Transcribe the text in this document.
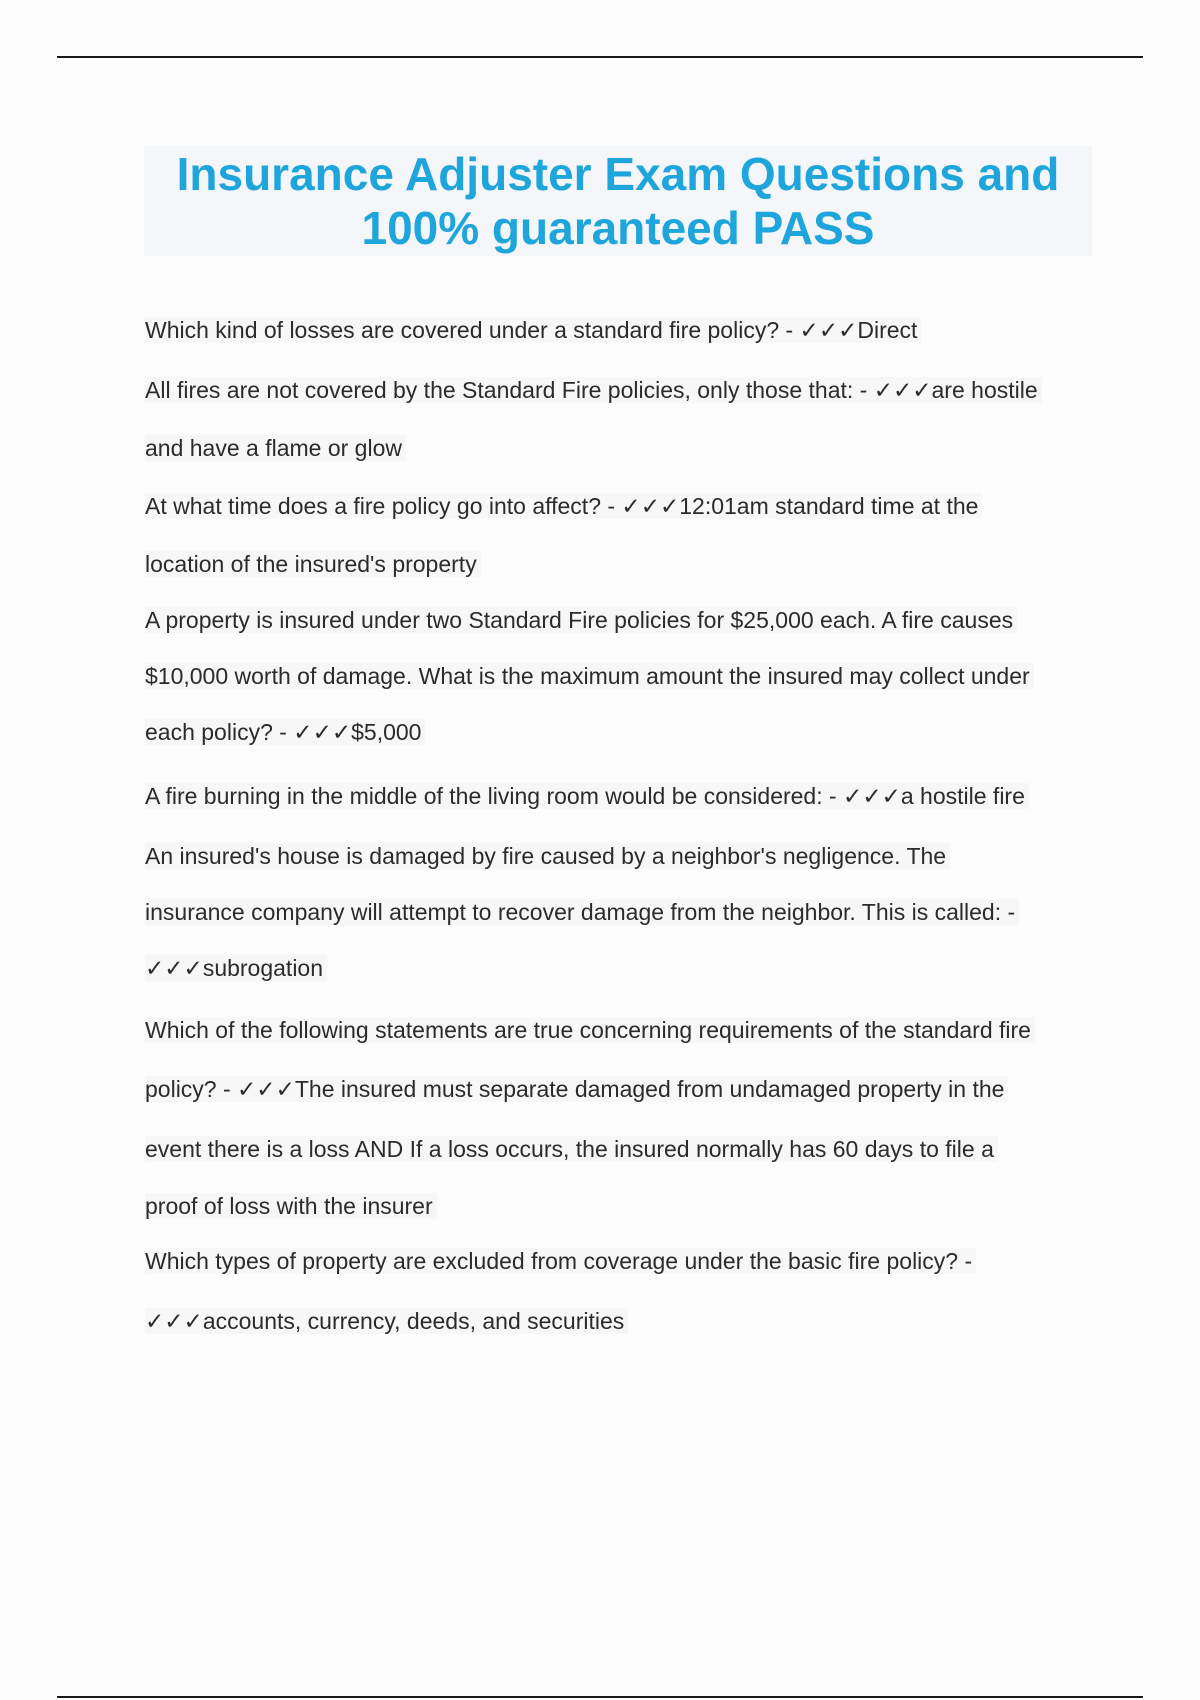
Insurance Adjuster Exam Questions and
100% guaranteed PASS

Which kind of losses are covered under a standard fire policy? - ✓✓✓Direct

All fires are not covered by the Standard Fire policies, only those that: - ✓✓✓are hostile
and have a flame or glow

At what time does a fire policy go into affect? - ✓✓✓12:01am standard time at the
location of the insured's property

A property is insured under two Standard Fire policies for $25,000 each. A fire causes
$10,000 worth of damage. What is the maximum amount the insured may collect under
each policy? - ✓✓✓$5,000

A fire burning in the middle of the living room would be considered: - ✓✓✓a hostile fire

An insured's house is damaged by fire caused by a neighbor's negligence. The
insurance company will attempt to recover damage from the neighbor. This is called: -
✓✓✓subrogation

Which of the following statements are true concerning requirements of the standard fire
policy? - ✓✓✓The insured must separate damaged from undamaged property in the
event there is a loss AND If a loss occurs, the insured normally has 60 days to file a
proof of loss with the insurer

Which types of property are excluded from coverage under the basic fire policy? -
✓✓✓accounts, currency, deeds, and securities
